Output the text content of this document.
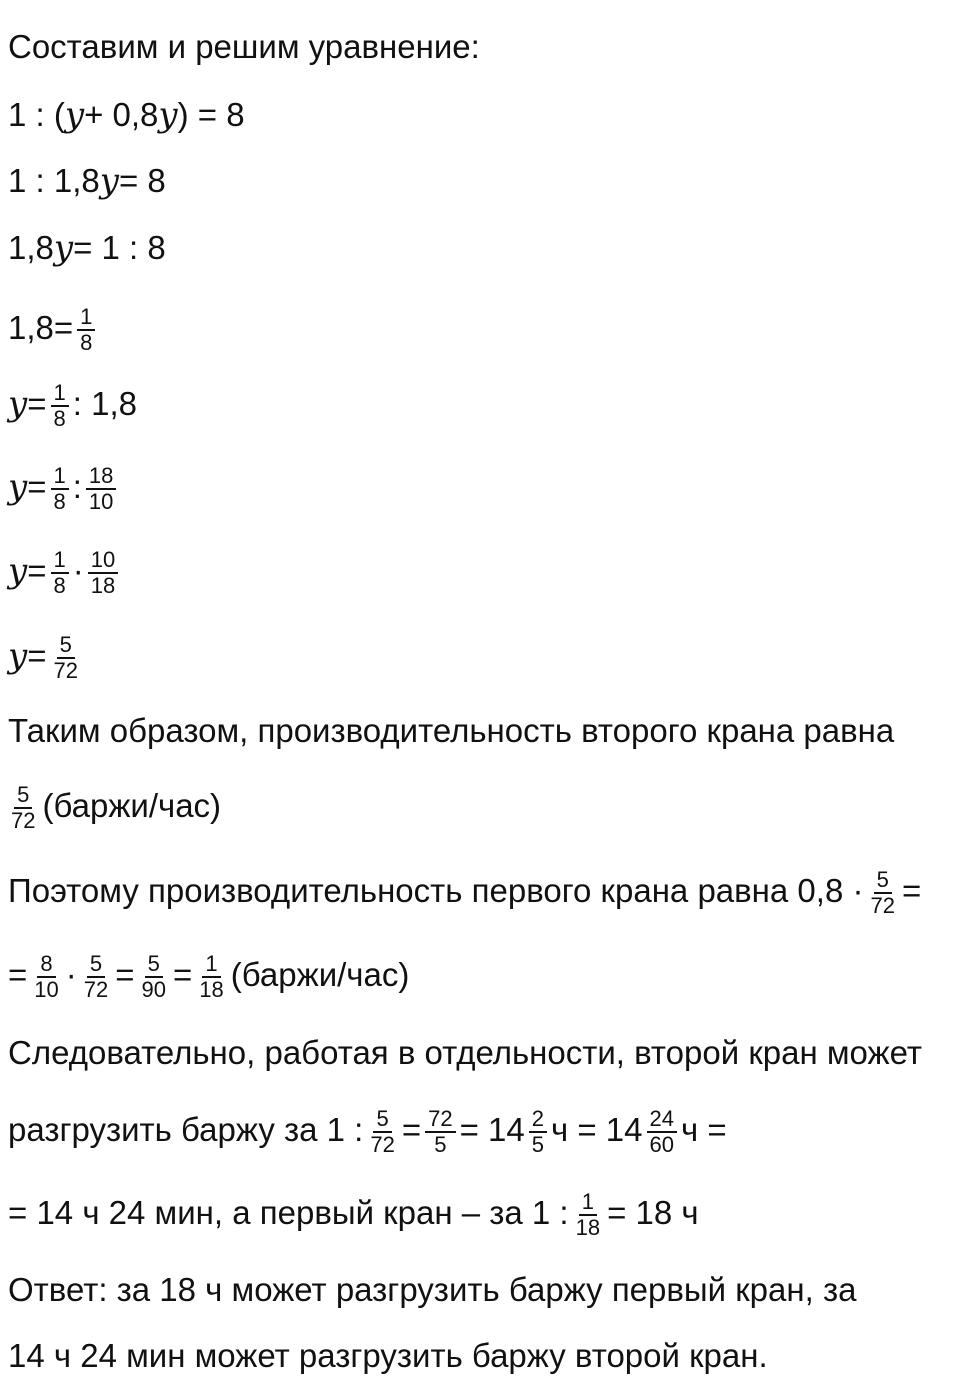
Составим и решим уравнение:
1 : ( y + 0,8 y ) = 8
1 : 1,8 y = 8
1,8 y = 1 : 8
$1,8 = \frac{1}{8}$
$y = \frac{1}{8}$ : 1,8
$y = \frac{1}{8}$ : $\frac{18}{10}$
$y = \frac{1}{8} \cdot \frac{10}{18}$
$y = \frac{5}{72}$
Таким образом, производительность второго крана равна
$\frac{5}{72}$ (баржи/час)
Поэтому производительность первого крана равна $0,8 \cdot \frac{5}{72}$ =
= $\frac{8}{10} \cdot \frac{5}{72} = \frac{5}{90} = \frac{1}{18}$ (баржи/час)
Следовательно, работая в отдельности, второй кран может
разгрузить баржу за 1 : $\frac{5}{72} = \frac{72}{5} = 14 \frac{2}{5}$ $ч = 14 \frac{24}{60}$ ч =
= 14 ч 24 мин, а первый кран – за 1 : $\frac{1}{18} = 18$ ч
Ответ: за 18 ч может разгрузить баржу первый кран, за
14 ч 24 мин может разгрузить баржу второй кран.
